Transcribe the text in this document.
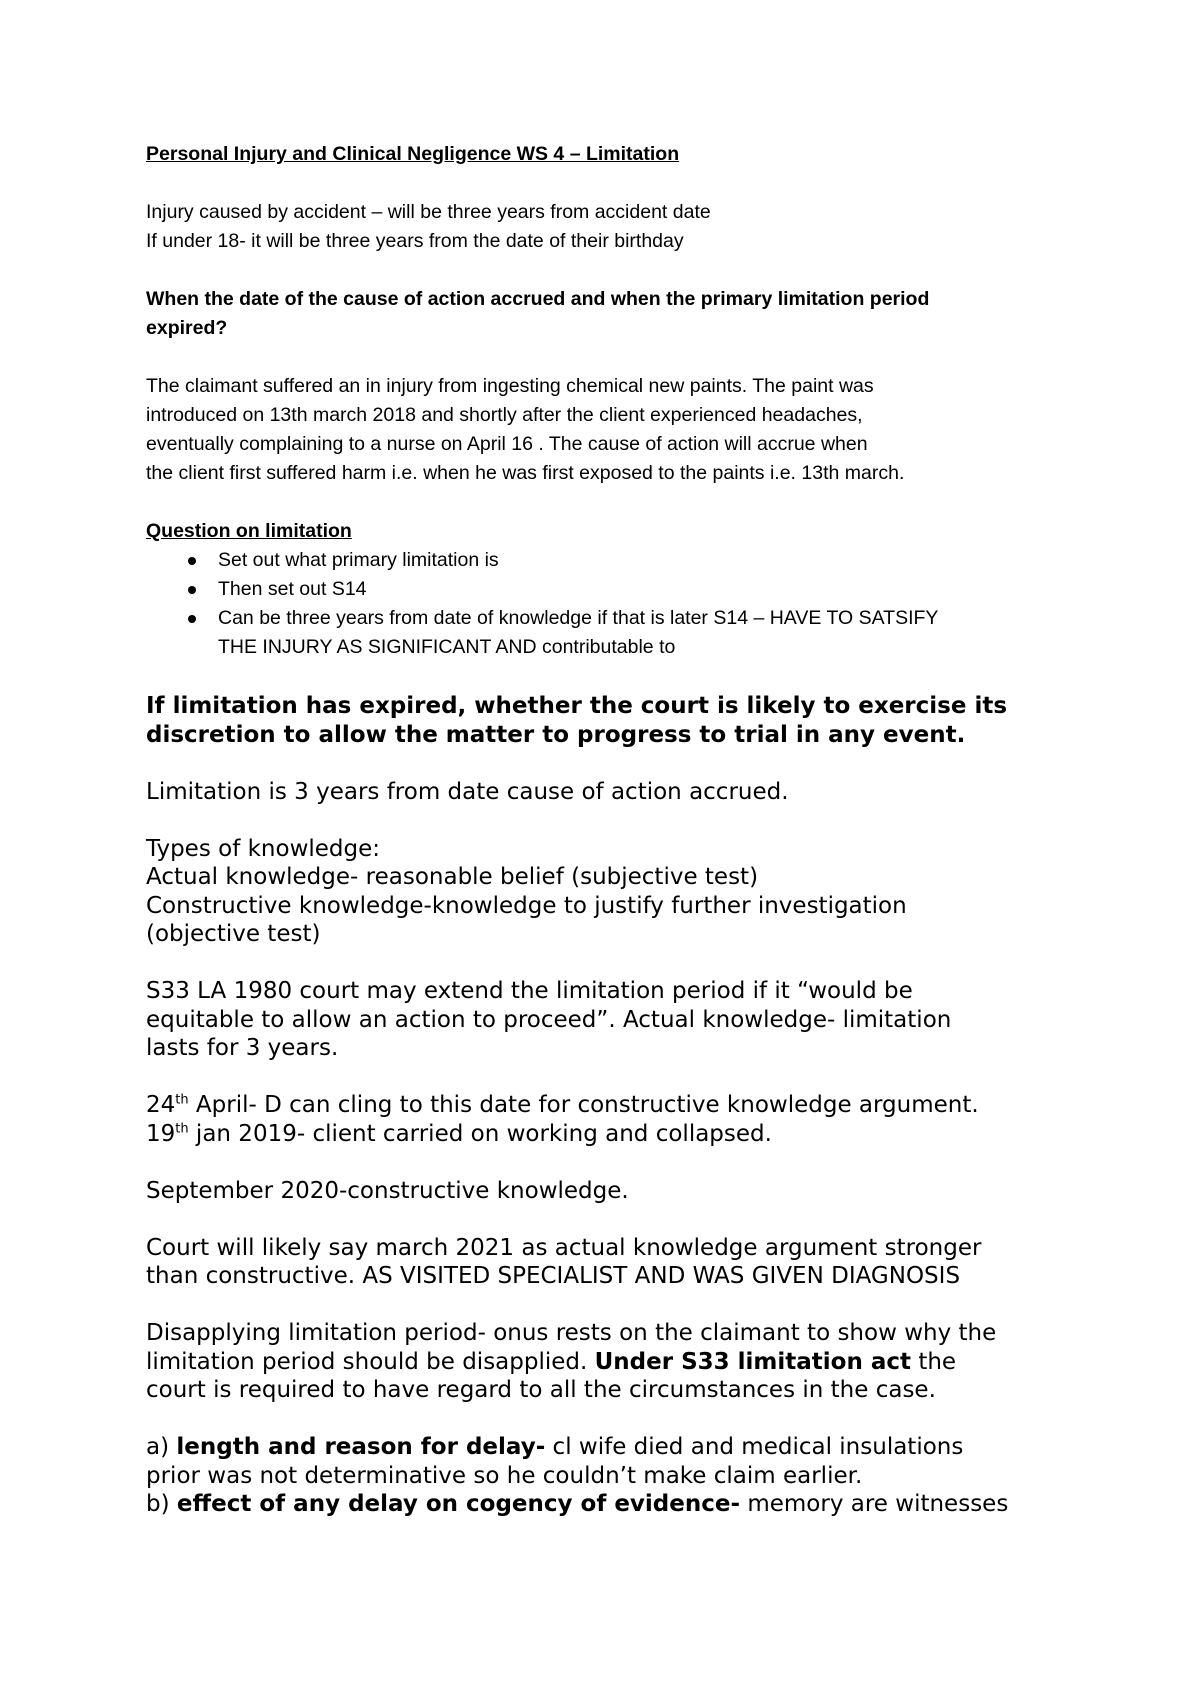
Personal Injury and Clinical Negligence WS 4 – Limitation

Injury caused by accident – will be three years from accident date

If under 18- it will be three years from the date of their birthday

When the date of the cause of action accrued and when the primary limitation period

expired?

The claimant suffered an in injury from ingesting chemical new paints. The paint was

introduced on 13th march 2018 and shortly after the client experienced headaches,

eventually complaining to a nurse on April 16 . The cause of action will accrue when

the client first suffered harm i.e. when he was first exposed to the paints i.e. 13th march.

Question on limitation

Set out what primary limitation is
Then set out S14
Can be three years from date of knowledge if that is later S14 – HAVE TO SATSIFY
THE INJURY AS SIGNIFICANT AND contributable to

If limitation has expired, whether the court is likely to exercise its

discretion to allow the matter to progress to trial in any event.

Limitation is 3 years from date cause of action accrued.

Types of knowledge:

Actual knowledge- reasonable belief (subjective test)

Constructive knowledge-knowledge to justify further investigation

(objective test)

S33 LA 1980 court may extend the limitation period if it “would be

equitable to allow an action to proceed”. Actual knowledge- limitation

lasts for 3 years.

24th April- D can cling to this date for constructive knowledge argument.

19th jan 2019- client carried on working and collapsed.

September 2020-constructive knowledge.

Court will likely say march 2021 as actual knowledge argument stronger

than constructive. AS VISITED SPECIALIST AND WAS GIVEN DIAGNOSIS

Disapplying limitation period- onus rests on the claimant to show why the

limitation period should be disapplied. Under S33 limitation act the

court is required to have regard to all the circumstances in the case.

a) length and reason for delay- cl wife died and medical insulations

prior was not determinative so he couldn’t make claim earlier.

b) effect of any delay on cogency of evidence- memory are witnesses
